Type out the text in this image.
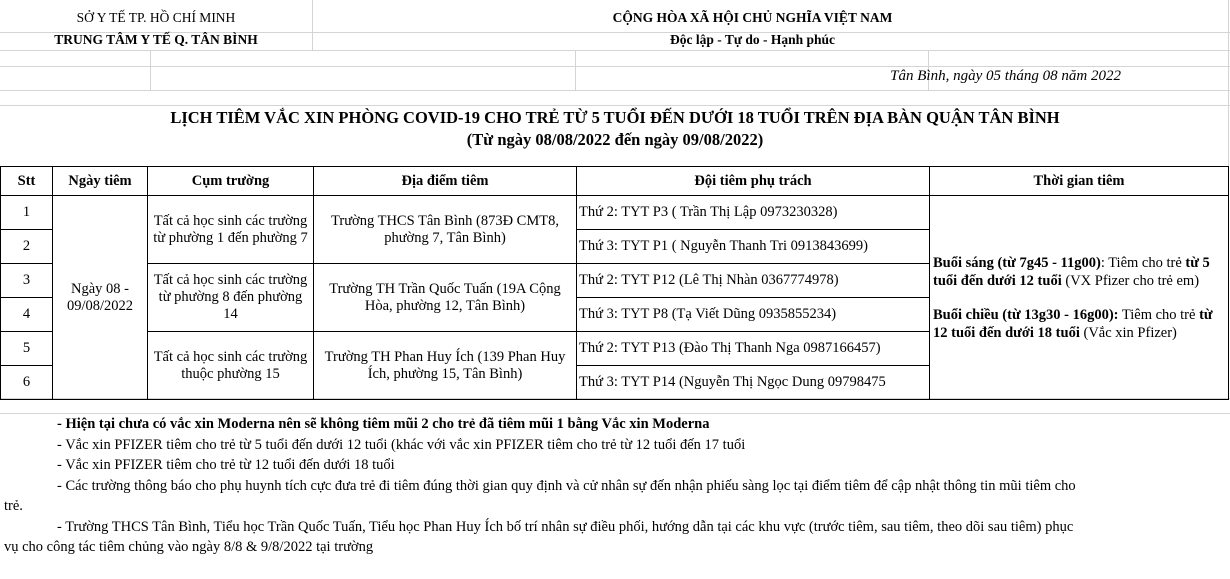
SỞ Y TẾ TP. HỒ CHÍ MINH
TRUNG TÂM Y TẾ Q. TÂN BÌNH
CỘNG HÒA XÃ HỘI CHỦ NGHĨA VIỆT NAM
Độc lập - Tự do - Hạnh phúc
Tân Bình, ngày 05 tháng 08 năm 2022
LỊCH TIÊM VẮC XIN PHÒNG COVID-19 CHO TRẺ TỪ 5 TUỔI ĐẾN DƯỚI 18 TUỔI TRÊN ĐỊA BÀN QUẬN TÂN BÌNH
(Từ ngày 08/08/2022 đến ngày 09/08/2022)
Stt	Ngày tiêm	Cụm trường	Địa điểm tiêm	Đội tiêm phụ trách	Thời gian tiêm
1	Ngày 08 - 09/08/2022	Tất cả học sinh các trường từ phường 1 đến phường 7	Trường THCS Tân Bình (873Đ CMT8, phường 7, Tân Bình)	Thứ 2: TYT P3 ( Trần Thị Lập 0973230328)	Buổi sáng (từ 7g45 - 11g00): Tiêm cho trẻ từ 5 tuổi đến dưới 12 tuổi (VX Pfizer cho trẻ em)
Buổi chiều (từ 13g30 - 16g00): Tiêm cho trẻ từ 12 tuổi đến dưới 18 tuổi (Vắc xin Pfizer)

2				Thứ 3: TYT P1 ( Nguyễn Thanh Tri 0913843699)	
3		Tất cả học sinh các trường từ phường 8 đến phường 14	Trường TH Trần Quốc Tuấn (19A Cộng Hòa, phường 12, Tân Bình)	Thứ 2: TYT P12 (Lê Thị Nhàn 0367774978)	
4				Thứ 3: TYT P8 (Tạ Viết Dũng 0935855234)	
5		Tất cả học sinh các trường thuộc phường 15	Trường TH Phan Huy Ích (139 Phan Huy Ích, phường 15, Tân Bình)	Thứ 2: TYT P13 (Đào Thị Thanh Nga 0987166457)	
6				Thứ 3: TYT P14 (Nguyễn Thị Ngọc Dung 09798475	
- Hiện tại chưa có vắc xin Moderna nên sẽ không tiêm mũi 2 cho trẻ đã tiêm mũi 1 bằng Vắc xin Moderna
- Vắc xin PFIZER tiêm cho trẻ từ 5 tuổi đến dưới 12 tuổi (khác với vắc xin PFIZER tiêm cho trẻ từ 12 tuổi đến 17 tuổi
- Vắc xin PFIZER tiêm cho trẻ từ 12 tuổi đến dưới 18 tuổi
- Các trường thông báo cho phụ huynh tích cực đưa trẻ đi tiêm đúng thời gian quy định và cử nhân sự đến nhận phiếu sàng lọc tại điểm tiêm để cập nhật thông tin mũi tiêm cho
trẻ.
- Trường THCS Tân Bình, Tiểu học Trần Quốc Tuấn, Tiểu học Phan Huy Ích bố trí nhân sự điều phối, hướng dẫn tại các khu vực (trước tiêm, sau tiêm, theo dõi sau tiêm) phục
vụ cho công tác tiêm chủng vào ngày 8/8 & 9/8/2022 tại trường
